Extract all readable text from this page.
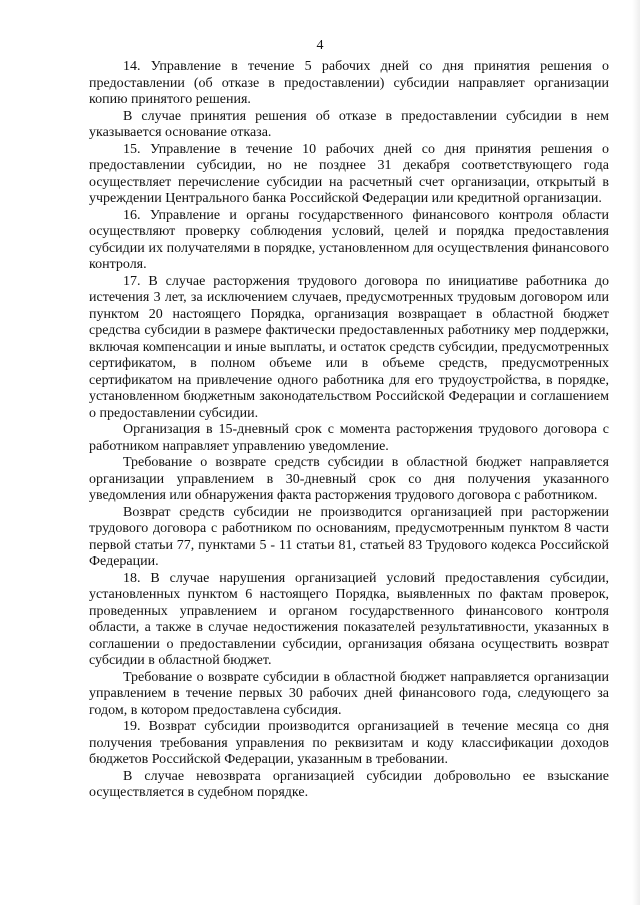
4

14. Управление в течение 5 рабочих дней со дня принятия решения о предоставлении (об отказе в предоставлении) субсидии направляет организации копию принятого решения.

В случае принятия решения об отказе в предоставлении субсидии в нем указывается основание отказа.

15. Управление в течение 10 рабочих дней со дня принятия решения о предоставлении субсидии, но не позднее 31 декабря соответствующего года осуществляет перечисление субсидии на расчетный счет организации, открытый в учреждении Центрального банка Российской Федерации или кредитной организации.

16. Управление и органы государственного финансового контроля области осуществляют проверку соблюдения условий, целей и порядка предоставления субсидии их получателями в порядке, установленном для осуществления финансового контроля.

17. В случае расторжения трудового договора по инициативе работника до истечения 3 лет, за исключением случаев, предусмотренных трудовым договором или пунктом 20 настоящего Порядка, организация возвращает в областной бюджет средства субсидии в размере фактически предоставленных работнику мер поддержки, включая компенсации и иные выплаты, и остаток средств субсидии, предусмотренных сертификатом, в полном объеме или в объеме средств, предусмотренных сертификатом на привлечение одного работника для его трудоустройства, в порядке, установленном бюджетным законодательством Российской Федерации и соглашением о предоставлении субсидии.

Организация в 15-дневный срок с момента расторжения трудового договора с работником направляет управлению уведомление.

Требование о возврате средств субсидии в областной бюджет направляется организации управлением в 30-дневный срок со дня получения указанного уведомления или обнаружения факта расторжения трудового договора с работником.

Возврат средств субсидии не производится организацией при расторжении трудового договора с работником по основаниям, предусмотренным пунктом 8 части первой статьи 77, пунктами 5 - 11 статьи 81, статьей 83 Трудового кодекса Российской Федерации.

18. В случае нарушения организацией условий предоставления субсидии, установленных пунктом 6 настоящего Порядка, выявленных по фактам проверок, проведенных управлением и органом государственного финансового контроля области, а также в случае недостижения показателей результативности, указанных в соглашении о предоставлении субсидии, организация обязана осуществить возврат субсидии в областной бюджет.

Требование о возврате субсидии в областной бюджет направляется организации управлением в течение первых 30 рабочих дней финансового года, следующего за годом, в котором предоставлена субсидия.

19. Возврат субсидии производится организацией в течение месяца со дня получения требования управления по реквизитам и коду классификации доходов бюджетов Российской Федерации, указанным в требовании.

В случае невозврата организацией субсидии добровольно ее взыскание осуществляется в судебном порядке.
